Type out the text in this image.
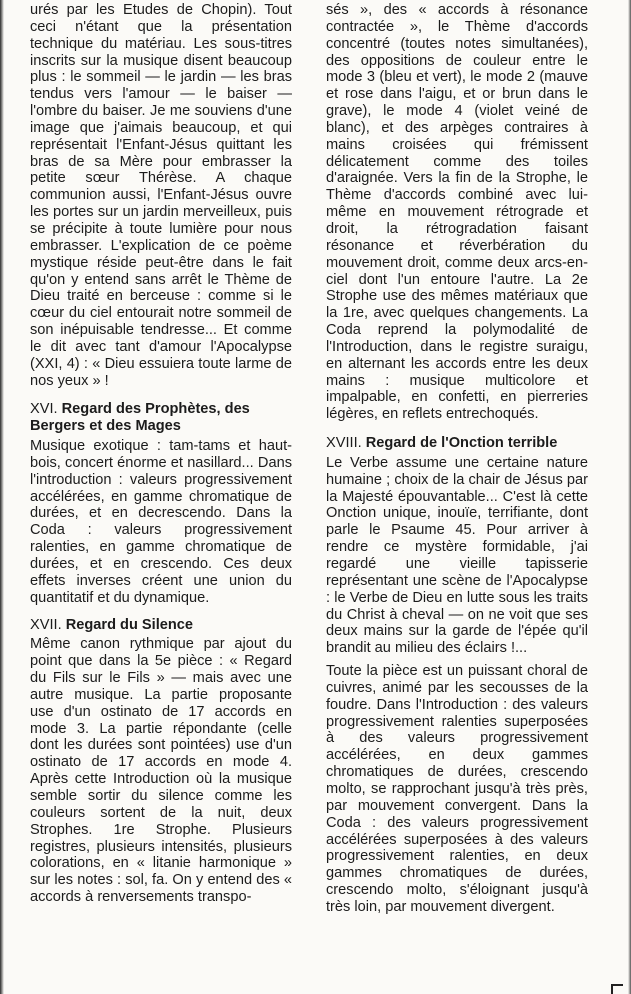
urés par les Etudes de Chopin). Tout ceci n'étant que la présentation technique du matériau. Les sous-titres inscrits sur la musique disent beaucoup plus : le sommeil — le jardin — les bras tendus vers l'amour — le baiser — l'ombre du baiser. Je me souviens d'une image que j'aimais beaucoup, et qui représentait l'Enfant-Jésus quittant les bras de sa Mère pour embrasser la petite sœur Thérèse. A chaque communion aussi, l'Enfant-Jésus ouvre les portes sur un jardin merveilleux, puis se précipite à toute lumière pour nous embrasser. L'explication de ce poème mystique réside peut-être dans le fait qu'on y entend sans arrêt le Thème de Dieu traité en berceuse : comme si le cœur du ciel entourait notre sommeil de son inépuisable tendresse... Et comme le dit avec tant d'amour l'Apocalypse (XXI, 4) : « Dieu essuiera toute larme de nos yeux » !

XVI. Regard des Prophètes, des Bergers et des Mages

Musique exotique : tam-tams et haut-bois, concert énorme et nasillard... Dans l'introduction : valeurs progressivement accélérées, en gamme chromatique de durées, et en decrescendo. Dans la Coda : valeurs progressivement ralenties, en gamme chromatique de durées, et en crescendo. Ces deux effets inverses créent une union du quantitatif et du dynamique.

XVII. Regard du Silence

Même canon rythmique par ajout du point que dans la 5e pièce : « Regard du Fils sur le Fils » — mais avec une autre musique. La partie proposante use d'un ostinato de 17 accords en mode 3. La partie répondante (celle dont les durées sont pointées) use d'un ostinato de 17 accords en mode 4. Après cette Introduction où la musique semble sortir du silence comme les couleurs sortent de la nuit, deux Strophes. 1re Strophe. Plusieurs registres, plusieurs intensités, plusieurs colorations, en « litanie harmonique » sur les notes : sol, fa. On y entend des « accords à renversements transpo-

sés », des « accords à résonance contractée », le Thème d'accords concentré (toutes notes simultanées), des oppositions de couleur entre le mode 3 (bleu et vert), le mode 2 (mauve et rose dans l'aigu, et or brun dans le grave), le mode 4 (violet veiné de blanc), et des arpèges contraires à mains croisées qui frémissent délicatement comme des toiles d'araignée. Vers la fin de la Strophe, le Thème d'accords combiné avec lui-même en mouvement rétrograde et droit, la rétrogradation faisant résonance et réverbération du mouvement droit, comme deux arcs-en-ciel dont l'un entoure l'autre. La 2e Strophe use des mêmes matériaux que la 1re, avec quelques changements. La Coda reprend la polymodalité de l'Introduction, dans le registre suraigu, en alternant les accords entre les deux mains : musique multicolore et impalpable, en confetti, en pierreries légères, en reflets entrechoqués.

XVIII. Regard de l'Onction terrible

Le Verbe assume une certaine nature humaine ; choix de la chair de Jésus par la Majesté épouvantable... C'est là cette Onction unique, inouïe, terrifiante, dont parle le Psaume 45. Pour arriver à rendre ce mystère formidable, j'ai regardé une vieille tapisserie représentant une scène de l'Apocalypse : le Verbe de Dieu en lutte sous les traits du Christ à cheval — on ne voit que ses deux mains sur la garde de l'épée qu'il brandit au milieu des éclairs !...

Toute la pièce est un puissant choral de cuivres, animé par les secousses de la foudre. Dans l'Introduction : des valeurs progressivement ralenties superposées à des valeurs progressivement accélérées, en deux gammes chromatiques de durées, crescendo molto, se rapprochant jusqu'à très près, par mouvement convergent. Dans la Coda : des valeurs progressivement accélérées superposées à des valeurs progressivement ralenties, en deux gammes chromatiques de durées, crescendo molto, s'éloignant jusqu'à très loin, par mouvement divergent.
